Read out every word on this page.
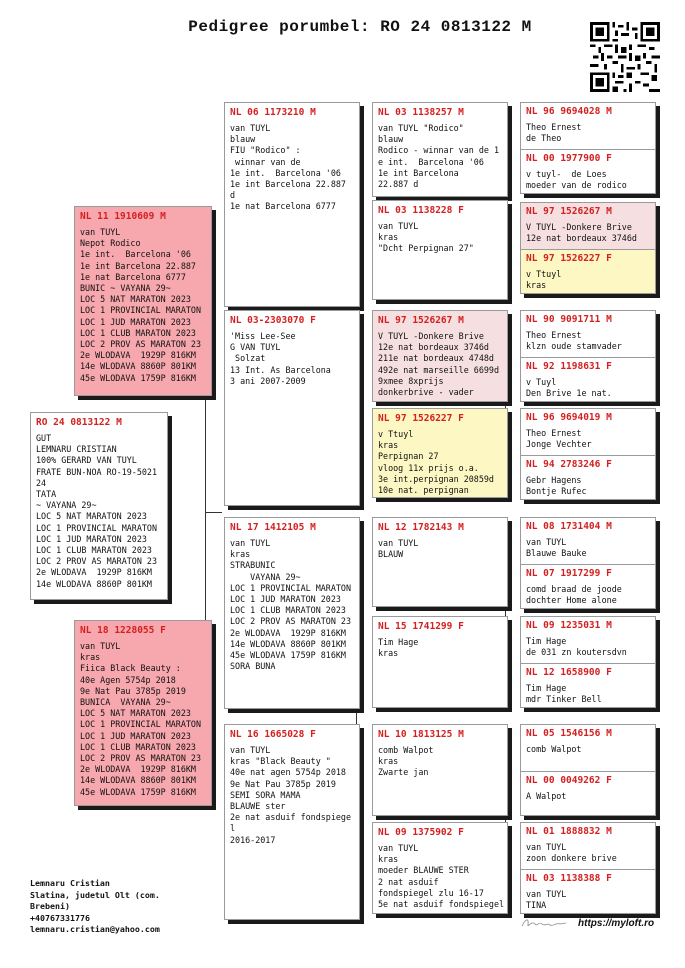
Pedigree porumbel: RO 24 0813122 M
RO 24 0813122 M
GUT
LEMNARU CRISTIAN
100% GERARD VAN TUYL
FRATE BUN-NOA RO-19-5021
24
TATA
~ VAYANA 29~
LOC 5 NAT MARATON 2023
LOC 1 PROVINCIAL MARATON
LOC 1 JUD MARATON 2023
LOC 1 CLUB MARATON 2023
LOC 2 PROV AS MARATON 23
2e WLODAVA  1929P 816KM
14e WLODAVA 8860P 801KM
NL 11 1910609 M
van TUYL
Nepot Rodico
1e int.  Barcelona '06
1e int Barcelona 22.887
1e nat Barcelona 6777
BUNIC ~ VAYANA 29~
LOC 5 NAT MARATON 2023
LOC 1 PROVINCIAL MARATON
LOC 1 JUD MARATON 2023
LOC 1 CLUB MARATON 2023
LOC 2 PROV AS MARATON 23
2e WLODAVA  1929P 816KM
14e WLODAVA 8860P 801KM
45e WLODAVA 1759P 816KM
NL 18 1228055 F
van TUYL
kras
Fiica Black Beauty :
40e Agen 5754p 2018
9e Nat Pau 3785p 2019
BUNICA  VAYANA 29~
LOC 5 NAT MARATON 2023
LOC 1 PROVINCIAL MARATON
LOC 1 JUD MARATON 2023
LOC 1 CLUB MARATON 2023
LOC 2 PROV AS MARATON 23
2e WLODAVA  1929P 816KM
14e WLODAVA 8860P 801KM
45e WLODAVA 1759P 816KM
NL 06 1173210 M
van TUYL
blauw
FIU "Rodico" :
winnar van de
1e int.  Barcelona '06
1e int Barcelona 22.887
d
1e nat Barcelona 6777
NL 03-2303070 F
'Miss Lee-See
G VAN TUYL
Solzat
13 Int. As Barcelona
3 ani 2007-2009
NL 17 1412105 M
van TUYL
kras
STRABUNIC
VAYANA 29~
LOC 1 PROVINCIAL MARATON
LOC 1 JUD MARATON 2023
LOC 1 CLUB MARATON 2023
LOC 2 PROV AS MARATON 23
2e WLODAVA  1929P 816KM
14e WLODAVA 8860P 801KM
45e WLODAVA 1759P 816KM
SORA BUNA
NL 16 1665028 F
van TUYL
kras "Black Beauty "
40e nat agen 5754p 2018
9e Nat Pau 3785p 2019
SEMI SORA MAMA
BLAUWE ster
2e nat asduif fondspiege
l
2016-2017
NL 03 1138257 M
van TUYL "Rodico"
blauw
Rodico - winnar van de 1
e int.  Barcelona '06
1e int Barcelona
22.887 d
NL 03 1138228 F
van TUYL
kras
"Dcht Perpignan 27"
NL 97 1526267 M
V TUYL -Donkere Brive
12e nat bordeaux 3746d
211e nat bordeaux 4748d
492e nat marseille 6699d
9xmee 8xprijs
donkerbrive - vader
NL 97 1526227 F
v Ttuyl
kras
Perpignan 27
vloog 11x prijs o.a.
3e int.perpignan 20859d
10e nat. perpignan
NL 12 1782143 M
van TUYL
BLAUW
NL 15 1741299 F
Tim Hage
kras
NL 10 1813125 M
comb Walpot
kras
Zwarte jan
NL 09 1375902 F
van TUYL
kras
moeder BLAUWE STER
2 nat asduif
fondspiegel zlu 16-17
5e nat asduif fondspiegel
NL 96 9694028 M
Theo Ernest
de Theo
NL 00 1977900 F
v tuyl-  de Loes
moeder van de rodico
NL 97 1526267 M
V TUYL -Donkere Brive
12e nat bordeaux 3746d
NL 97 1526227 F
v Ttuyl
kras
NL 90 9091711 M
Theo Ernest
klzn oude stamvader
NL 92 1198631 F
v Tuyl
Den Brive 1e nat.
NL 96 9694019 M
Theo Ernest
Jonge Vechter
NL 94 2783246 F
Gebr Hagens
Bontje Rufec
NL 08 1731404 M
van TUYL
Blauwe Bauke
NL 07 1917299 F
comd braad de joode
dochter Home alone
NL 09 1235031 M
Tim Hage
de 031 zn koutersdvn
NL 12 1658900 F
Tim Hage
mdr Tinker Bell
NL 05 1546156 M
comb Walpot
NL 00 0049262 F
A Walpot
NL 01 1888832 M
van TUYL
zoon donkere brive
NL 03 1138388 F
van TUYL
TINA
Lemnaru Cristian
Slatina, judetul Olt (com.
Brebeni)
+40767331776
lemnaru.cristian@yahoo.com	https://myloft.ro
